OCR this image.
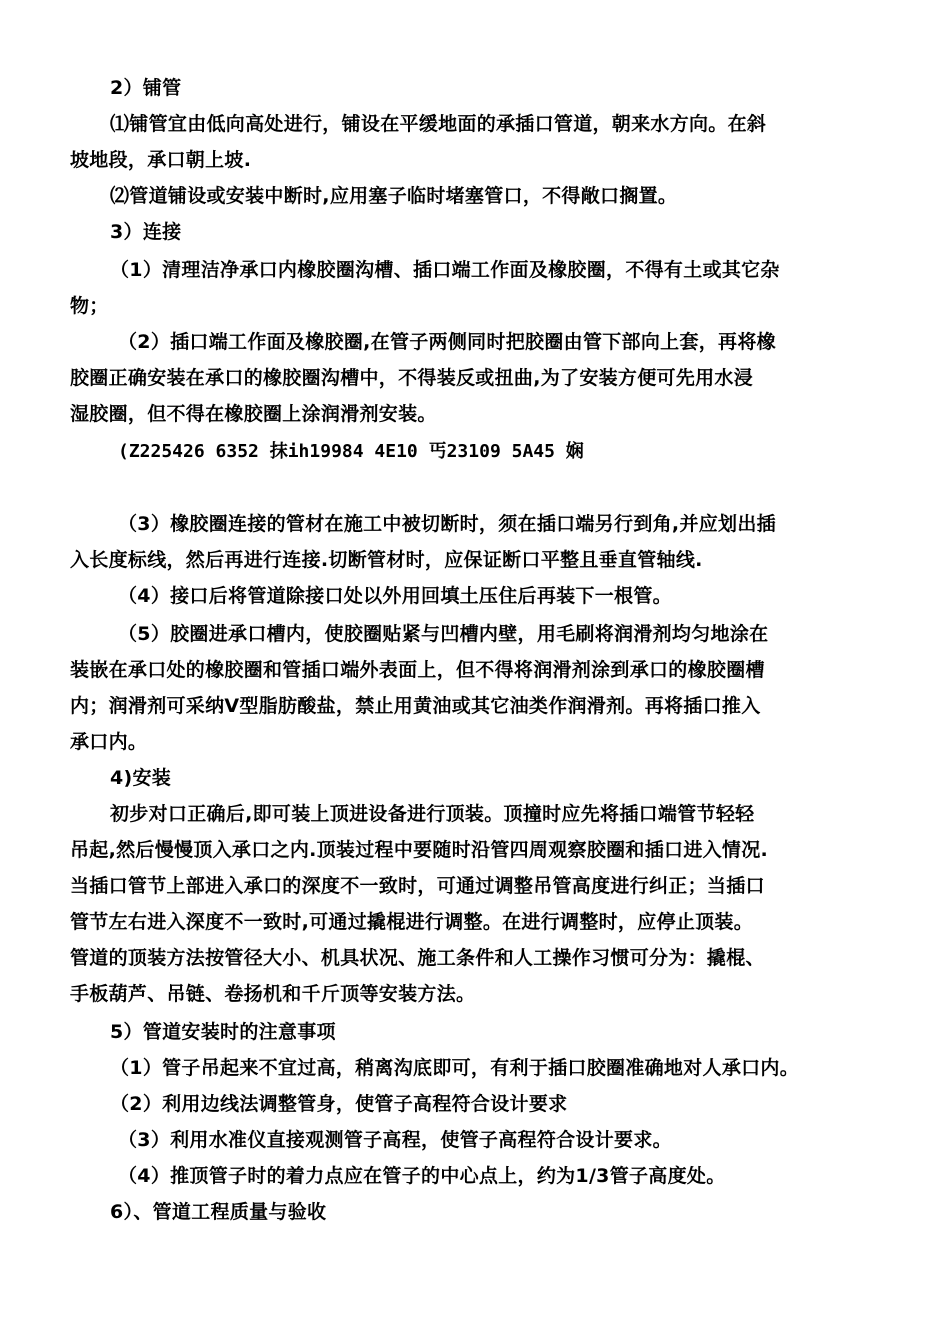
2）铺管
⑴铺管宜由低向高处进行，铺设在平缓地面的承插口管道，朝来水方向。在斜
坡地段，承口朝上坡.
⑵管道铺设或安装中断时,应用塞子临时堵塞管口，不得敞口搁置。
3）连接
（1）清理洁净承口内橡胶圈沟槽、插口端工作面及橡胶圈，不得有土或其它杂
物；
（2）插口端工作面及橡胶圈,在管子两侧同时把胶圈由管下部向上套，再将橡
胶圈正确安装在承口的橡胶圈沟槽中，不得装反或扭曲,为了安装方便可先用水浸
湿胶圈，但不得在橡胶圈上涂润滑剂安装。
(Z225426 6352 抹ih19984 4E10 丐23109 5A45 娴
（3）橡胶圈连接的管材在施工中被切断时，须在插口端另行到角,并应划出插
入长度标线，然后再进行连接.切断管材时，应保证断口平整且垂直管轴线.
（4）接口后将管道除接口处以外用回填土压住后再装下一根管。
（5）胶圈进承口槽内，使胶圈贴紧与凹槽内壁，用毛刷将润滑剂均匀地涂在
装嵌在承口处的橡胶圈和管插口端外表面上，但不得将润滑剂涂到承口的橡胶圈槽
内；润滑剂可采纳V型脂肪酸盐，禁止用黄油或其它油类作润滑剂。再将插口推入
承口内。
4)安装
初步对口正确后,即可装上顶进设备进行顶装。顶撞时应先将插口端管节轻轻
吊起,然后慢慢顶入承口之内.顶装过程中要随时沿管四周观察胶圈和插口进入情况.
当插口管节上部进入承口的深度不一致时，可通过调整吊管高度进行纠正；当插口
管节左右进入深度不一致时,可通过撬棍进行调整。在进行调整时，应停止顶装。
管道的顶装方法按管径大小、机具状况、施工条件和人工操作习惯可分为：撬棍、
手板葫芦、吊链、卷扬机和千斤顶等安装方法。
5）管道安装时的注意事项
（1）管子吊起来不宜过高，稍离沟底即可，有利于插口胶圈准确地对人承口内。
（2）利用边线法调整管身，使管子高程符合设计要求
（3）利用水准仪直接观测管子高程，使管子高程符合设计要求。
（4）推顶管子时的着力点应在管子的中心点上，约为1/3管子高度处。
6）、管道工程质量与验收
